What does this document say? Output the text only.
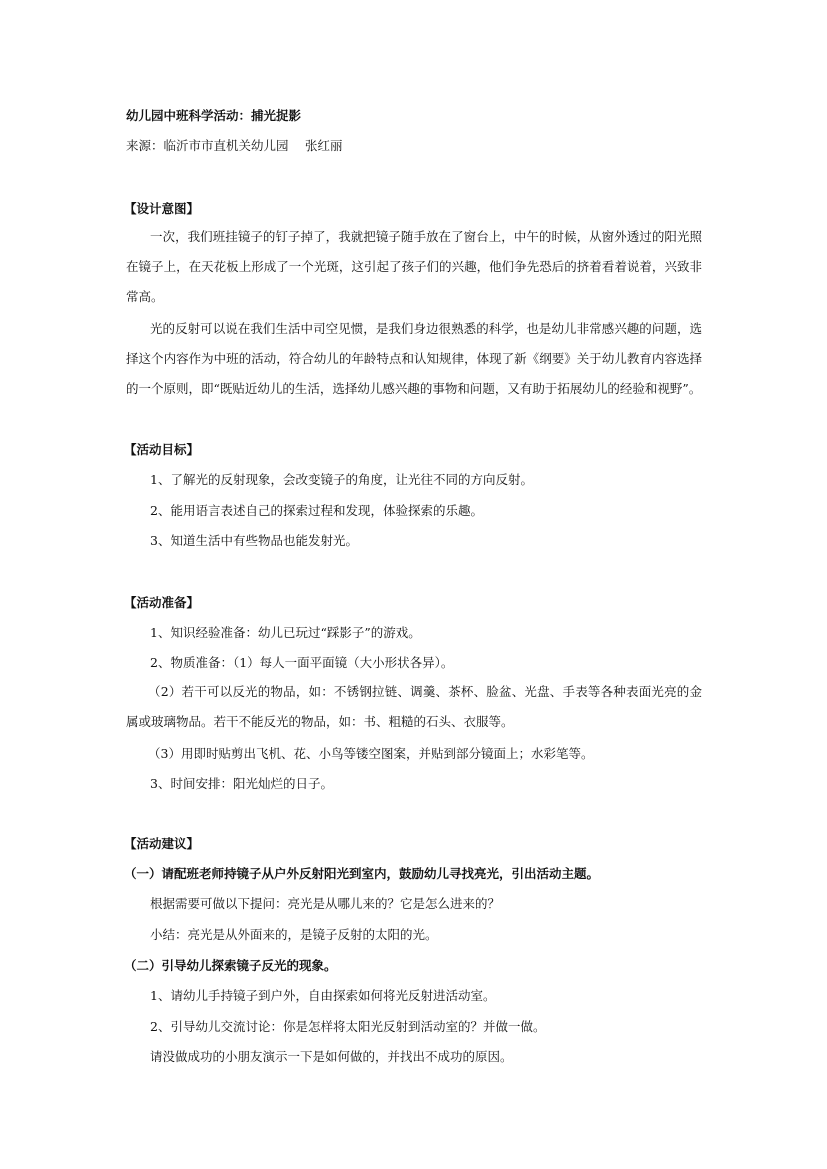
幼儿园中班科学活动：捕光捉影
来源：临沂市市直机关幼儿园 　张红丽
【设计意图】
一次，我们班挂镜子的钉子掉了，我就把镜子随手放在了窗台上，中午的时候，从窗外透过的阳光照在镜子上，在天花板上形成了一个光斑，这引起了孩子们的兴趣，他们争先恐后的挤着看着说着，兴致非常高。
光的反射可以说在我们生活中司空见惯，是我们身边很熟悉的科学，也是幼儿非常感兴趣的问题，选择这个内容作为中班的活动，符合幼儿的年龄特点和认知规律，体现了新《纲要》关于幼儿教育内容选择的一个原则，即“既贴近幼儿的生活，选择幼儿感兴趣的事物和问题，又有助于拓展幼儿的经验和视野”。
【活动目标】
1、了解光的反射现象，会改变镜子的角度，让光往不同的方向反射。
2、能用语言表述自己的探索过程和发现，体验探索的乐趣。
3、知道生活中有些物品也能发射光。
【活动准备】
1、知识经验准备：幼儿已玩过“踩影子”的游戏。
2、物质准备：（1）每人一面平面镜（大小形状各异）。
（2）若干可以反光的物品，如：不锈钢拉链、调羹、茶杯、脸盆、光盘、手表等各种表面光亮的金属或玻璃物品。若干不能反光的物品，如：书、粗糙的石头、衣服等。
（3）用即时贴剪出飞机、花、小鸟等镂空图案，并贴到部分镜面上；水彩笔等。
3、时间安排：阳光灿烂的日子。
【活动建议】
（一）请配班老师持镜子从户外反射阳光到室内，鼓励幼儿寻找亮光，引出活动主题。
根据需要可做以下提问：亮光是从哪儿来的？它是怎么进来的？
小结：亮光是从外面来的，是镜子反射的太阳的光。
（二）引导幼儿探索镜子反光的现象。
1、请幼儿手持镜子到户外，自由探索如何将光反射进活动室。
2、引导幼儿交流讨论：你是怎样将太阳光反射到活动室的？并做一做。
请没做成功的小朋友演示一下是如何做的，并找出不成功的原因。
